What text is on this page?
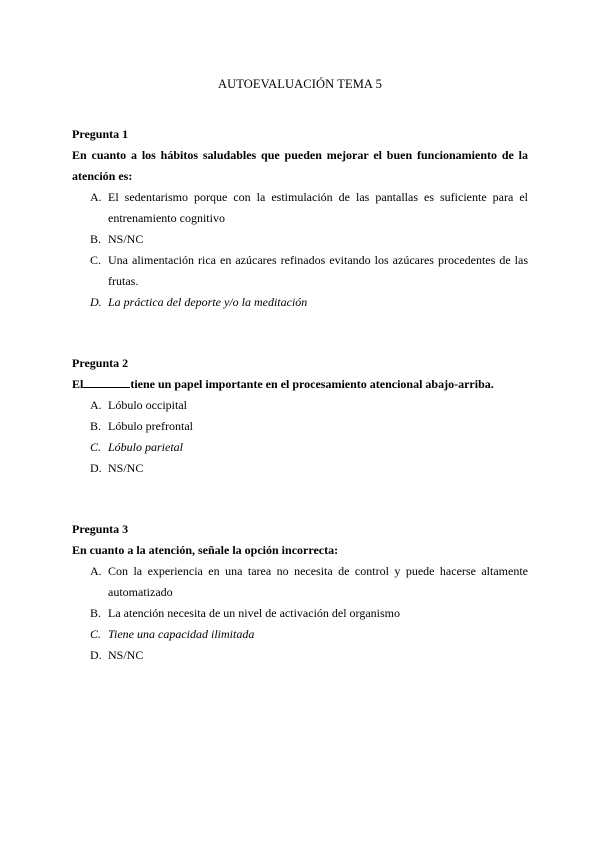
AUTOEVALUACIÓN TEMA 5

Pregunta 1

En cuanto a los hábitos saludables que pueden mejorar el buen funcionamiento de la atención es:

A. El sedentarismo porque con la estimulación de las pantallas es suficiente para el entrenamiento cognitivo
B. NS/NC
C. Una alimentación rica en azúcares refinados evitando los azúcares procedentes de las frutas.
D. La práctica del deporte y/o la meditación

Pregunta 2

El	tiene un papel importante en el procesamiento atencional abajo-arriba.

A. Lóbulo occipital
B. Lóbulo prefrontal
C. Lóbulo parietal
D. NS/NC

Pregunta 3

En cuanto a la atención, señale la opción incorrecta:

A. Con la experiencia en una tarea no necesita de control y puede hacerse altamente automatizado
B. La atención necesita de un nivel de activación del organismo
C. Tiene una capacidad ilimitada
D. NS/NC
